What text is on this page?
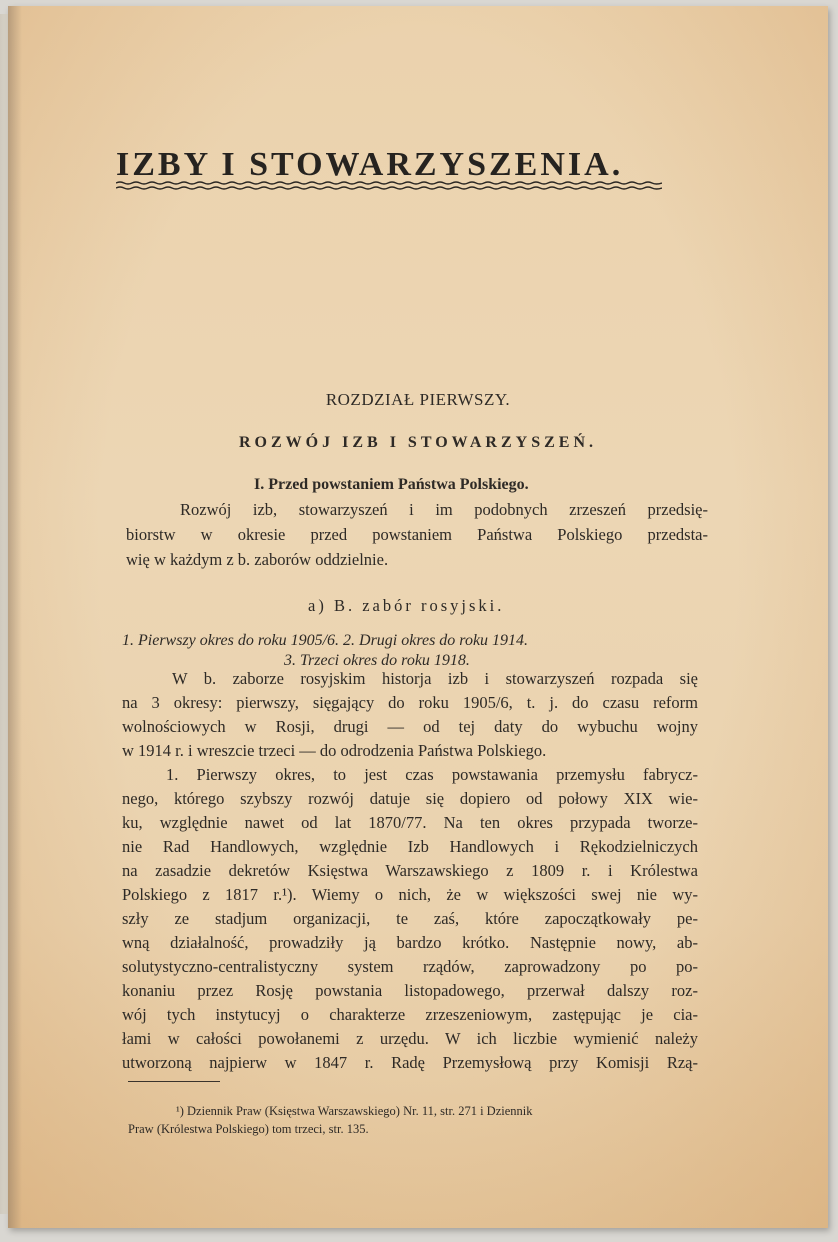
IZBY I STOWARZYSZENIA.

ROZDZIAŁ PIERWSZY.

ROZWÓJ IZB I STOWARZYSZEŃ.

I. Przed powstaniem Państwa Polskiego.

Rozwój izb, stowarzyszeń i im podobnych zrzeszeń przedsię-

biorstw w okresie przed powstaniem Państwa Polskiego przedsta-

wię w każdym z b. zaborów oddzielnie.

a) B. zabór rosyjski.

1. Pierwszy okres do roku 1905/6. 2. Drugi okres do roku 1914.

3. Trzeci okres do roku 1918.

W b. zaborze rosyjskim historja izb i stowarzyszeń rozpada się

na 3 okresy: pierwszy, sięgający do roku 1905/6, t. j. do czasu reform

wolnościowych w Rosji, drugi — od tej daty do wybuchu wojny

w 1914 r. i wreszcie trzeci — do odrodzenia Państwa Polskiego.

1. Pierwszy okres, to jest czas powstawania przemysłu fabrycz-

nego, którego szybszy rozwój datuje się dopiero od połowy XIX wie-

ku, względnie nawet od lat 1870/77. Na ten okres przypada tworze-

nie Rad Handlowych, względnie Izb Handlowych i Rękodzielniczych

na zasadzie dekretów Księstwa Warszawskiego z 1809 r. i Królestwa

Polskiego z 1817 r.¹). Wiemy o nich, że w większości swej nie wy-

szły ze stadjum organizacji, te zaś, które zapoczątkowały pe-

wną działalność, prowadziły ją bardzo krótko. Następnie nowy, ab-

solutystyczno-centralistyczny system rządów, zaprowadzony po po-

konaniu przez Rosję powstania listopadowego, przerwał dalszy roz-

wój tych instytucyj o charakterze zrzeszeniowym, zastępując je cia-

łami w całości powołanemi z urzędu. W ich liczbie wymienić należy

utworzoną najpierw w 1847 r. Radę Przemysłową przy Komisji Rzą-

¹) Dziennik Praw (Księstwa Warszawskiego) Nr. 11, str. 271 i Dziennik

Praw (Królestwa Polskiego) tom trzeci, str. 135.
